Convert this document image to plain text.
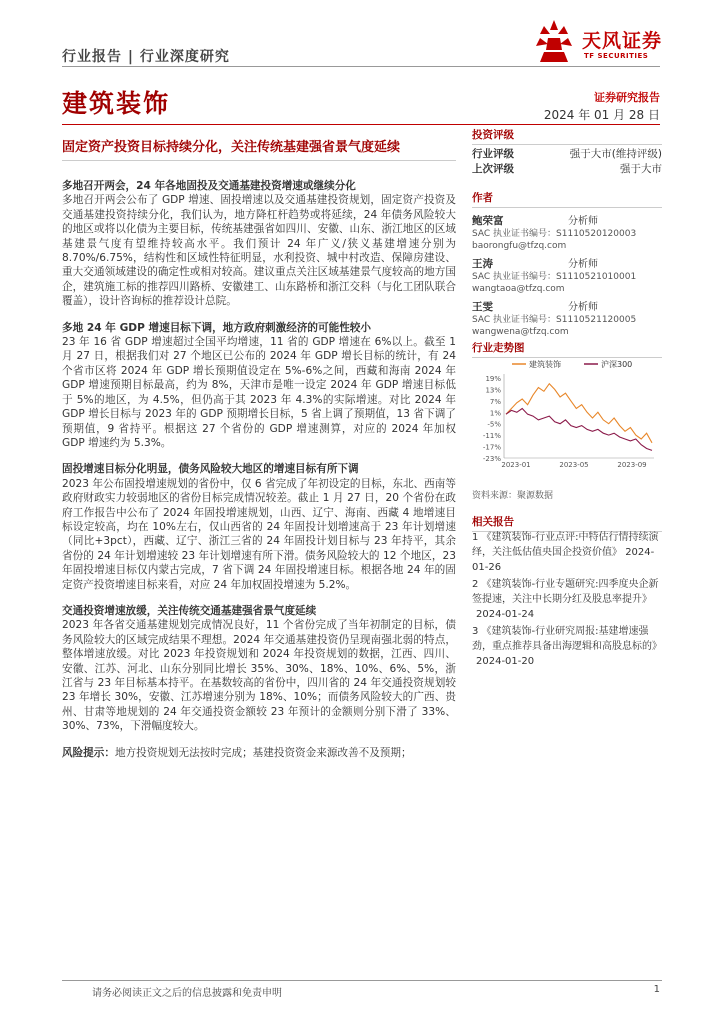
行业报告 | 行业深度研究
天风证券
TF SECURITIES
建筑装饰	证券研究报告
2024 年 01 月 28 日
固定资产投资目标持续分化，关注传统基建强省景气度延续
多地召开两会，24 年各地固投及交通基建投资增速或继续分化

多地召开两会公布了 GDP 增速、固投增速以及交通基建投资规划，固定资产投资及交通基建投资持续分化，我们认为，地方降杠杆趋势或将延续，24 年债务风险较大的地区或将以化债为主要目标，传统基建强省如四川、安徽、山东、浙江地区的区域基建景气度有望维持较高水平。我们预计 24 年广义/狭义基建增速分别为 8.70%/6.75%，结构性和区域性特征明显，水利投资、城中村改造、保障房建设、重大交通领域建设的确定性或相对较高。建议重点关注区域基建景气度较高的地方国企，建筑施工标的推荐四川路桥、安徽建工、山东路桥和浙江交科（与化工团队联合覆盖），设计咨询标的推荐设计总院。

多地 24 年 GDP 增速目标下调，地方政府刺激经济的可能性较小

23 年 16 省 GDP 增速超过全国平均增速，11 省的 GDP 增速在 6%以上。截至 1 月 27 日，根据我们对 27 个地区已公布的 2024 年 GDP 增长目标的统计，有 24 个省市区将 2024 年 GDP 增长预期值设定在 5%-6%之间，西藏和海南 2024 年 GDP 增速预期目标最高，约为 8%，天津市是唯一设定 2024 年 GDP 增速目标低于 5%的地区，为 4.5%，但仍高于其 2023 年 4.3%的实际增速。对比 2024 年 GDP 增长目标与 2023 年的 GDP 预期增长目标，5 省上调了预期值，13 省下调了预期值，9 省持平。根据这 27 个省份的 GDP 增速测算，对应的 2024 年加权 GDP 增速约为 5.3%。

固投增速目标分化明显，债务风险较大地区的增速目标有所下调

2023 年公布固投增速规划的省份中，仅 6 省完成了年初设定的目标，东北、西南等政府财政实力较弱地区的省份目标完成情况较差。截止 1 月 27 日，20 个省份在政府工作报告中公布了 2024 年固投增速规划，山西、辽宁、海南、西藏 4 地增速目标设定较高，均在 10%左右，仅山西省的 24 年固投计划增速高于 23 年计划增速（同比+3pct），西藏、辽宁、浙江三省的 24 年固投计划目标与 23 年持平，其余省份的 24 年计划增速较 23 年计划增速有所下滑。债务风险较大的 12 个地区，23 年固投增速目标仅内蒙古完成，7 省下调 24 年固投增速目标。根据各地 24 年的固定资产投资增速目标来看，对应 24 年加权固投增速为 5.2%。

交通投资增速放缓，关注传统交通基建强省景气度延续

2023 年各省交通基建规划完成情况良好，11 个省份完成了当年初制定的目标，债务风险较大的区域完成结果不理想。2024 年交通基建投资仍呈现南强北弱的特点，整体增速放缓。对比 2023 年投资规划和 2024 年投资规划的数据，江西、四川、安徽、江苏、河北、山东分别同比增长 35%、30%、18%、10%、6%、5%，浙江省与 23 年目标基本持平。在基数较高的省份中，四川省的 24 年交通投资规划较 23 年增长 30%，安徽、江苏增速分别为 18%、10%；而债务风险较大的广西、贵州、甘肃等地规划的 24 年交通投资金额较 23 年预计的金额则分别下滑了 33%、30%、73%，下滑幅度较大。

风险提示：地方投资规划无法按时完成；基建投资资金来源改善不及预期；

投资评级
行业评级	强于大市(维持评级)
上次评级	强于大市
作者
鲍荣富	分析师
SAC 执业证书编号：S1110520120003
baorongfu@tfzq.com
王涛	分析师
SAC 执业证书编号：S1110521010001
wangtaoa@tfzq.com
王雯	分析师
SAC 执业证书编号：S1110521120005
wangwena@tfzq.com
行业走势图
建筑装饰	沪深300
19%
13%
7%
1%
-5%
-11%
-17%
-23%
2023-01	2023-05	2023-09
资料来源：聚源数据
相关报告
1 《建筑装饰-行业点评:中特估行情持续演绎，关注低估值央国企投资价值》 2024-01-26
2 《建筑装饰-行业专题研究:四季度央企新签提速，关注中长期分红及股息率提升》 2024-01-24
3 《建筑装饰-行业研究周报:基建增速强劲，重点推荐具备出海逻辑和高股息标的》 2024-01-20
请务必阅读正文之后的信息披露和免责申明	1
